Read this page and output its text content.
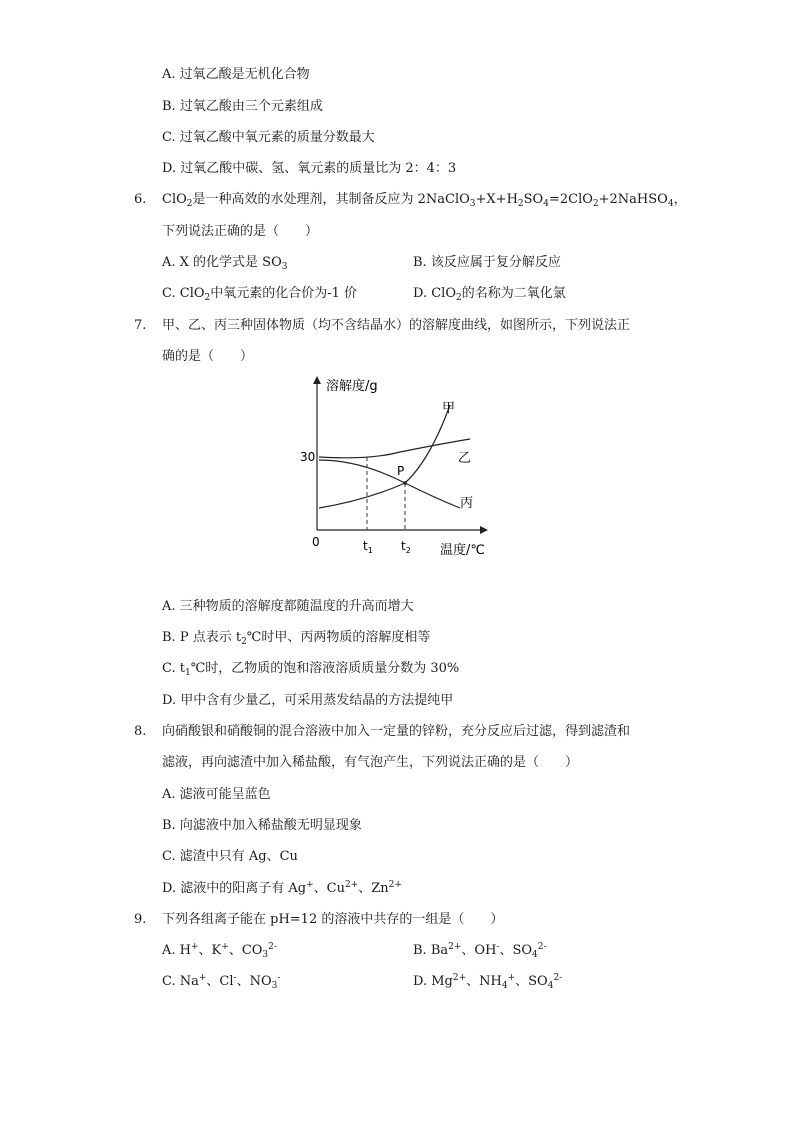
A. 过氧乙酸是无机化合物
B. 过氧乙酸由三个元素组成
C. 过氧乙酸中氧元素的质量分数最大
D. 过氧乙酸中碳、氢、氧元素的质量比为 2：4：3
6. ClO$_2$是一种高效的水处理剂，其制备反应为 $2NaClO_3+X+H_2SO_4=2ClO_2+2NaHSO_4$，
下列说法正确的是（　　）
A. X 的化学式是 $SO_3$	B. 该反应属于复分解反应
C. ClO$_2$中氧元素的化合价为-1 价	D. ClO$_2$的名称为二氧化氯
7. 甲、乙、丙三种固体物质（均不含结晶水）的溶解度曲线，如图所示，下列说法正
确的是（　　）
P
溶解度/g
温度/℃
0
30
$t_1$ $t_2$
甲
乙
丙
A. 三种物质的溶解度都随温度的升高而增大
B. P 点表示 $t_2℃$时甲、丙两物质的溶解度相等
C. $t_1℃$时，乙物质的饱和溶液溶质质量分数为 30%
D. 甲中含有少量乙，可采用蒸发结晶的方法提纯甲
8. 向硝酸银和硝酸铜的混合溶液中加入一定量的锌粉，充分反应后过滤，得到滤渣和
滤液，再向滤渣中加入稀盐酸，有气泡产生，下列说法正确的是（　　）
A. 滤液可能呈蓝色
B. 向滤液中加入稀盐酸无明显现象
C. 滤渣中只有 Ag、Cu
D. 滤液中的阳离子有 Ag+、$Cu^{2+}$、$Zn^{2+}$
9. 下列各组离子能在 pH=12 的溶液中共存的一组是（　　）
A. H+、K+、$CO_3^{2-}$	B. $Ba^{2+}$、OH-、$SO_4^{2-}$
C. Na+、Cl-、$NO_3^-$	D. $Mg^{2+}$、$NH_4^+$、$SO_4^{2-}$
